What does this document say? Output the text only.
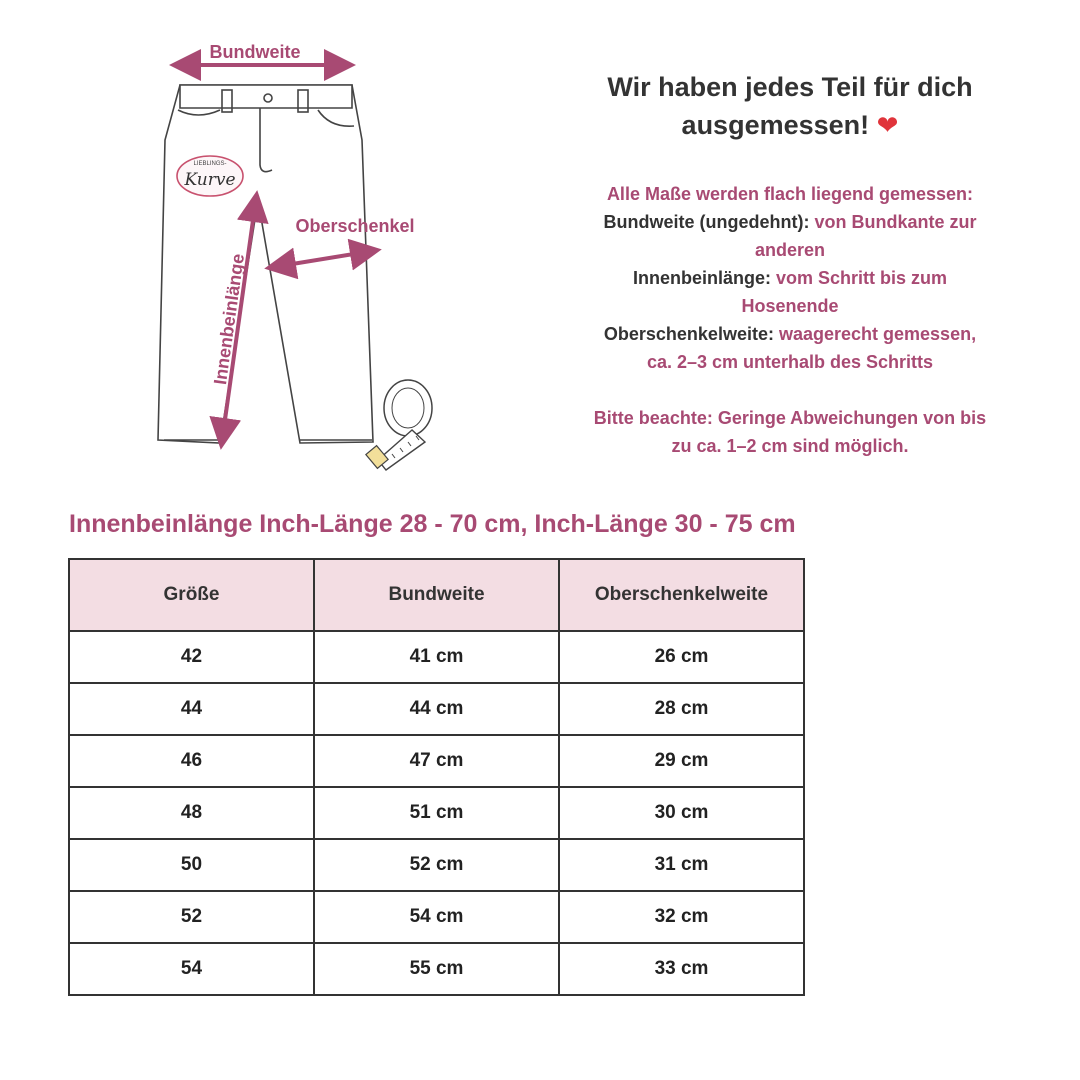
Bundweite
LIEBLINGS-
Kurve
Oberschenkel
Innenbeinlänge
Wir haben jedes Teil für dich
ausgemessen! ❤

Alle Maße werden flach liegend gemessen:

Bundweite (ungedehnt): von Bundkante zur

anderen

Innenbeinlänge: vom Schritt bis zum

Hosenende

Oberschenkelweite: waagerecht gemessen,

ca. 2–3 cm unterhalb des Schritts

Bitte beachte: Geringe Abweichungen von bis

zu ca. 1–2 cm sind möglich.

Innenbeinlänge Inch-Länge 28 - 70 cm, Inch-Länge 30 - 75 cm
Größe	Bundweite	Oberschenkelweite
42	41 cm	26 cm
44	44 cm	28 cm
46	47 cm	29 cm
48	51 cm	30 cm
50	52 cm	31 cm
52	54 cm	32 cm
54	55 cm	33 cm
